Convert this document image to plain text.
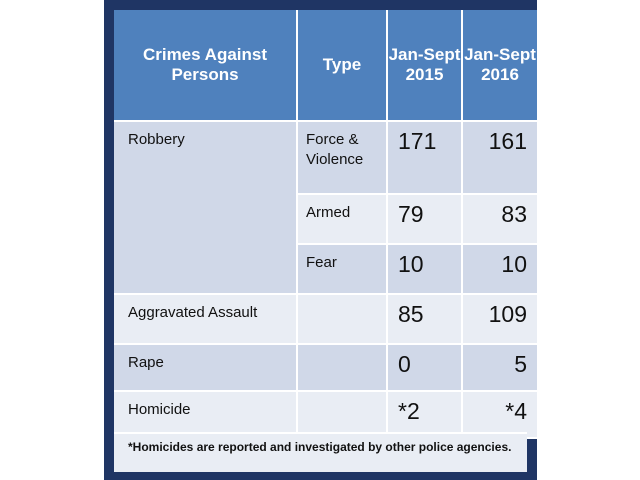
Crimes Against Persons	Type	Jan-Sept 2015	Jan-Sept 2016

Robbery	Force & Violence	171	161

	Armed	79	83

	Fear	10	10

Aggravated Assault		85	109

Rape		0	5

Homicide		*2	*4
*Homicides are reported and investigated by other police agencies.
